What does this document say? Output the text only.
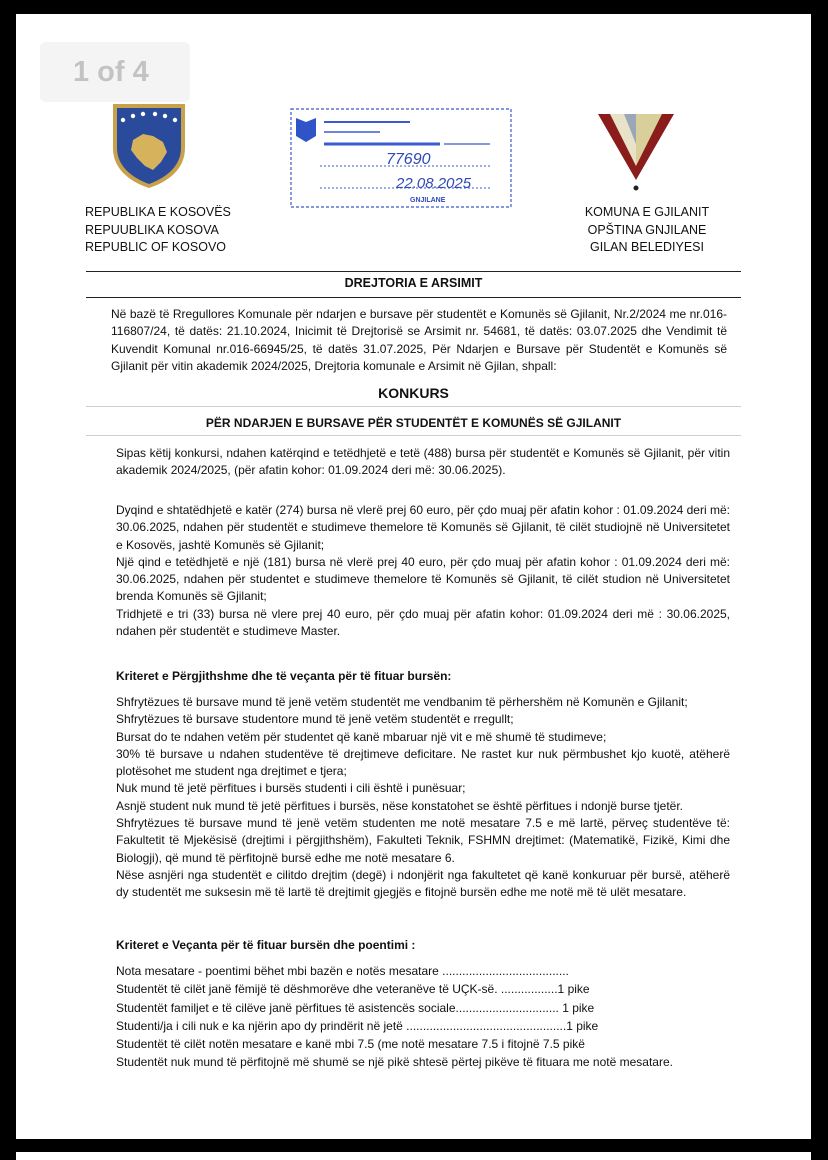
1 of 4
77690
22.08.2025
GNJILANE
REPUBLIKA E KOSOVËS
REPUUBLIKA KOSOVA
REPUBLIC OF KOSOVO
KOMUNA E GJILANIT
OPŠTINA GNJILANE
GILAN BELEDIYESI
DREJTORIA E ARSIMIT

Në bazë të Rregullores Komunale për ndarjen e bursave për studentët e Komunës së Gjilanit, Nr.2/2024 me nr.016-116807/24, të datës: 21.10.2024, Inicimit të Drejtorisë se Arsimit nr. 54681, të datës: 03.07.2025 dhe Vendimit të Kuvendit Komunal nr.016-66945/25, të datës 31.07.2025, Për Ndarjen e Bursave për Studentët e Komunës së Gjilanit për vitin akademik 2024/2025, Drejtoria komunale e Arsimit në Gjilan, shpall:

KONKURS
PËR NDARJEN E BURSAVE PËR STUDENTËT E KOMUNËS SË GJILANIT

Sipas këtij konkursi, ndahen katërqind e tetëdhjetë e tetë (488) bursa për studentët e Komunës së Gjilanit, për vitin akademik 2024/2025, (për afatin kohor: 01.09.2024 deri më: 30.06.2025).

Dyqind e shtatëdhjetë e katër (274) bursa në vlerë prej 60 euro, për çdo muaj për afatin kohor : 01.09.2024 deri më: 30.06.2025, ndahen për studentët e studimeve themelore të Komunës së Gjilanit, të cilët studiojnë në Universitetet e Kosovës, jashtë Komunës së Gjilanit;

Një qind e tetëdhjetë e një (181) bursa në vlerë prej 40 euro, për çdo muaj për afatin kohor : 01.09.2024 deri më: 30.06.2025, ndahen për studentet e studimeve themelore të Komunës së Gjilanit, të cilët studion në Universitetet brenda Komunës së Gjilanit;

Tridhjetë e tri (33) bursa në vlere prej 40 euro, për çdo muaj për afatin kohor: 01.09.2024 deri më : 30.06.2025, ndahen për studentët e studimeve Master.

Kriteret e Përgjithshme dhe të veçanta për të fituar bursën:

Shfrytëzues të bursave mund të jenë vetëm studentët me vendbanim të përhershëm në Komunën e Gjilanit;

Shfrytëzues të bursave studentore mund të jenë vetëm studentët e rregullt;

Bursat do te ndahen vetëm për studentet që kanë mbaruar një vit e më shumë të studimeve;

30% të bursave u ndahen studentëve të drejtimeve deficitare. Ne rastet kur nuk përmbushet kjo kuotë, atëherë plotësohet me student nga drejtimet e tjera;

Nuk mund të jetë përfitues i bursës studenti i cili është i punësuar;

Asnjë student nuk mund të jetë përfitues i bursës, nëse konstatohet se është përfitues i ndonjë burse tjetër.

Shfrytëzues të bursave mund të jenë vetëm studenten me notë mesatare 7.5 e më lartë, përveç studentëve të: Fakultetit të Mjekësisë (drejtimi i përgjithshëm), Fakulteti Teknik, FSHMN drejtimet: (Matematikë, Fizikë, Kimi dhe Biologji), që mund të përfitojnë bursë edhe me notë mesatare 6.

Nëse asnjëri nga studentët e cilitdo drejtim (degë) i ndonjërit nga fakultetet që kanë konkuruar për bursë, atëherë dy studentët me suksesin më të lartë të drejtimit gjegjës e fitojnë bursën edhe me notë më të ulët mesatare.

Kriteret e Veçanta për të fituar bursën dhe poentimi :
Nota mesatare - poentimi bëhet mbi bazën e notës mesatare ......................................
Studentët të cilët janë fëmijë të dëshmorëve dhe veteranëve të UÇK-së. .................1 pike
Studentët familjet e të cilëve janë përfitues të asistencës sociale............................... 1 pike
Studenti/ja i cili nuk e ka njërin apo dy prindërit në jetë ................................................1 pike
Studentët të cilët notën mesatare e kanë mbi 7.5 (me notë mesatare 7.5 i fitojnë 7.5 pikë
Studentët nuk mund të përfitojnë më shumë se një pikë shtesë përtej pikëve të fituara me notë mesatare.
